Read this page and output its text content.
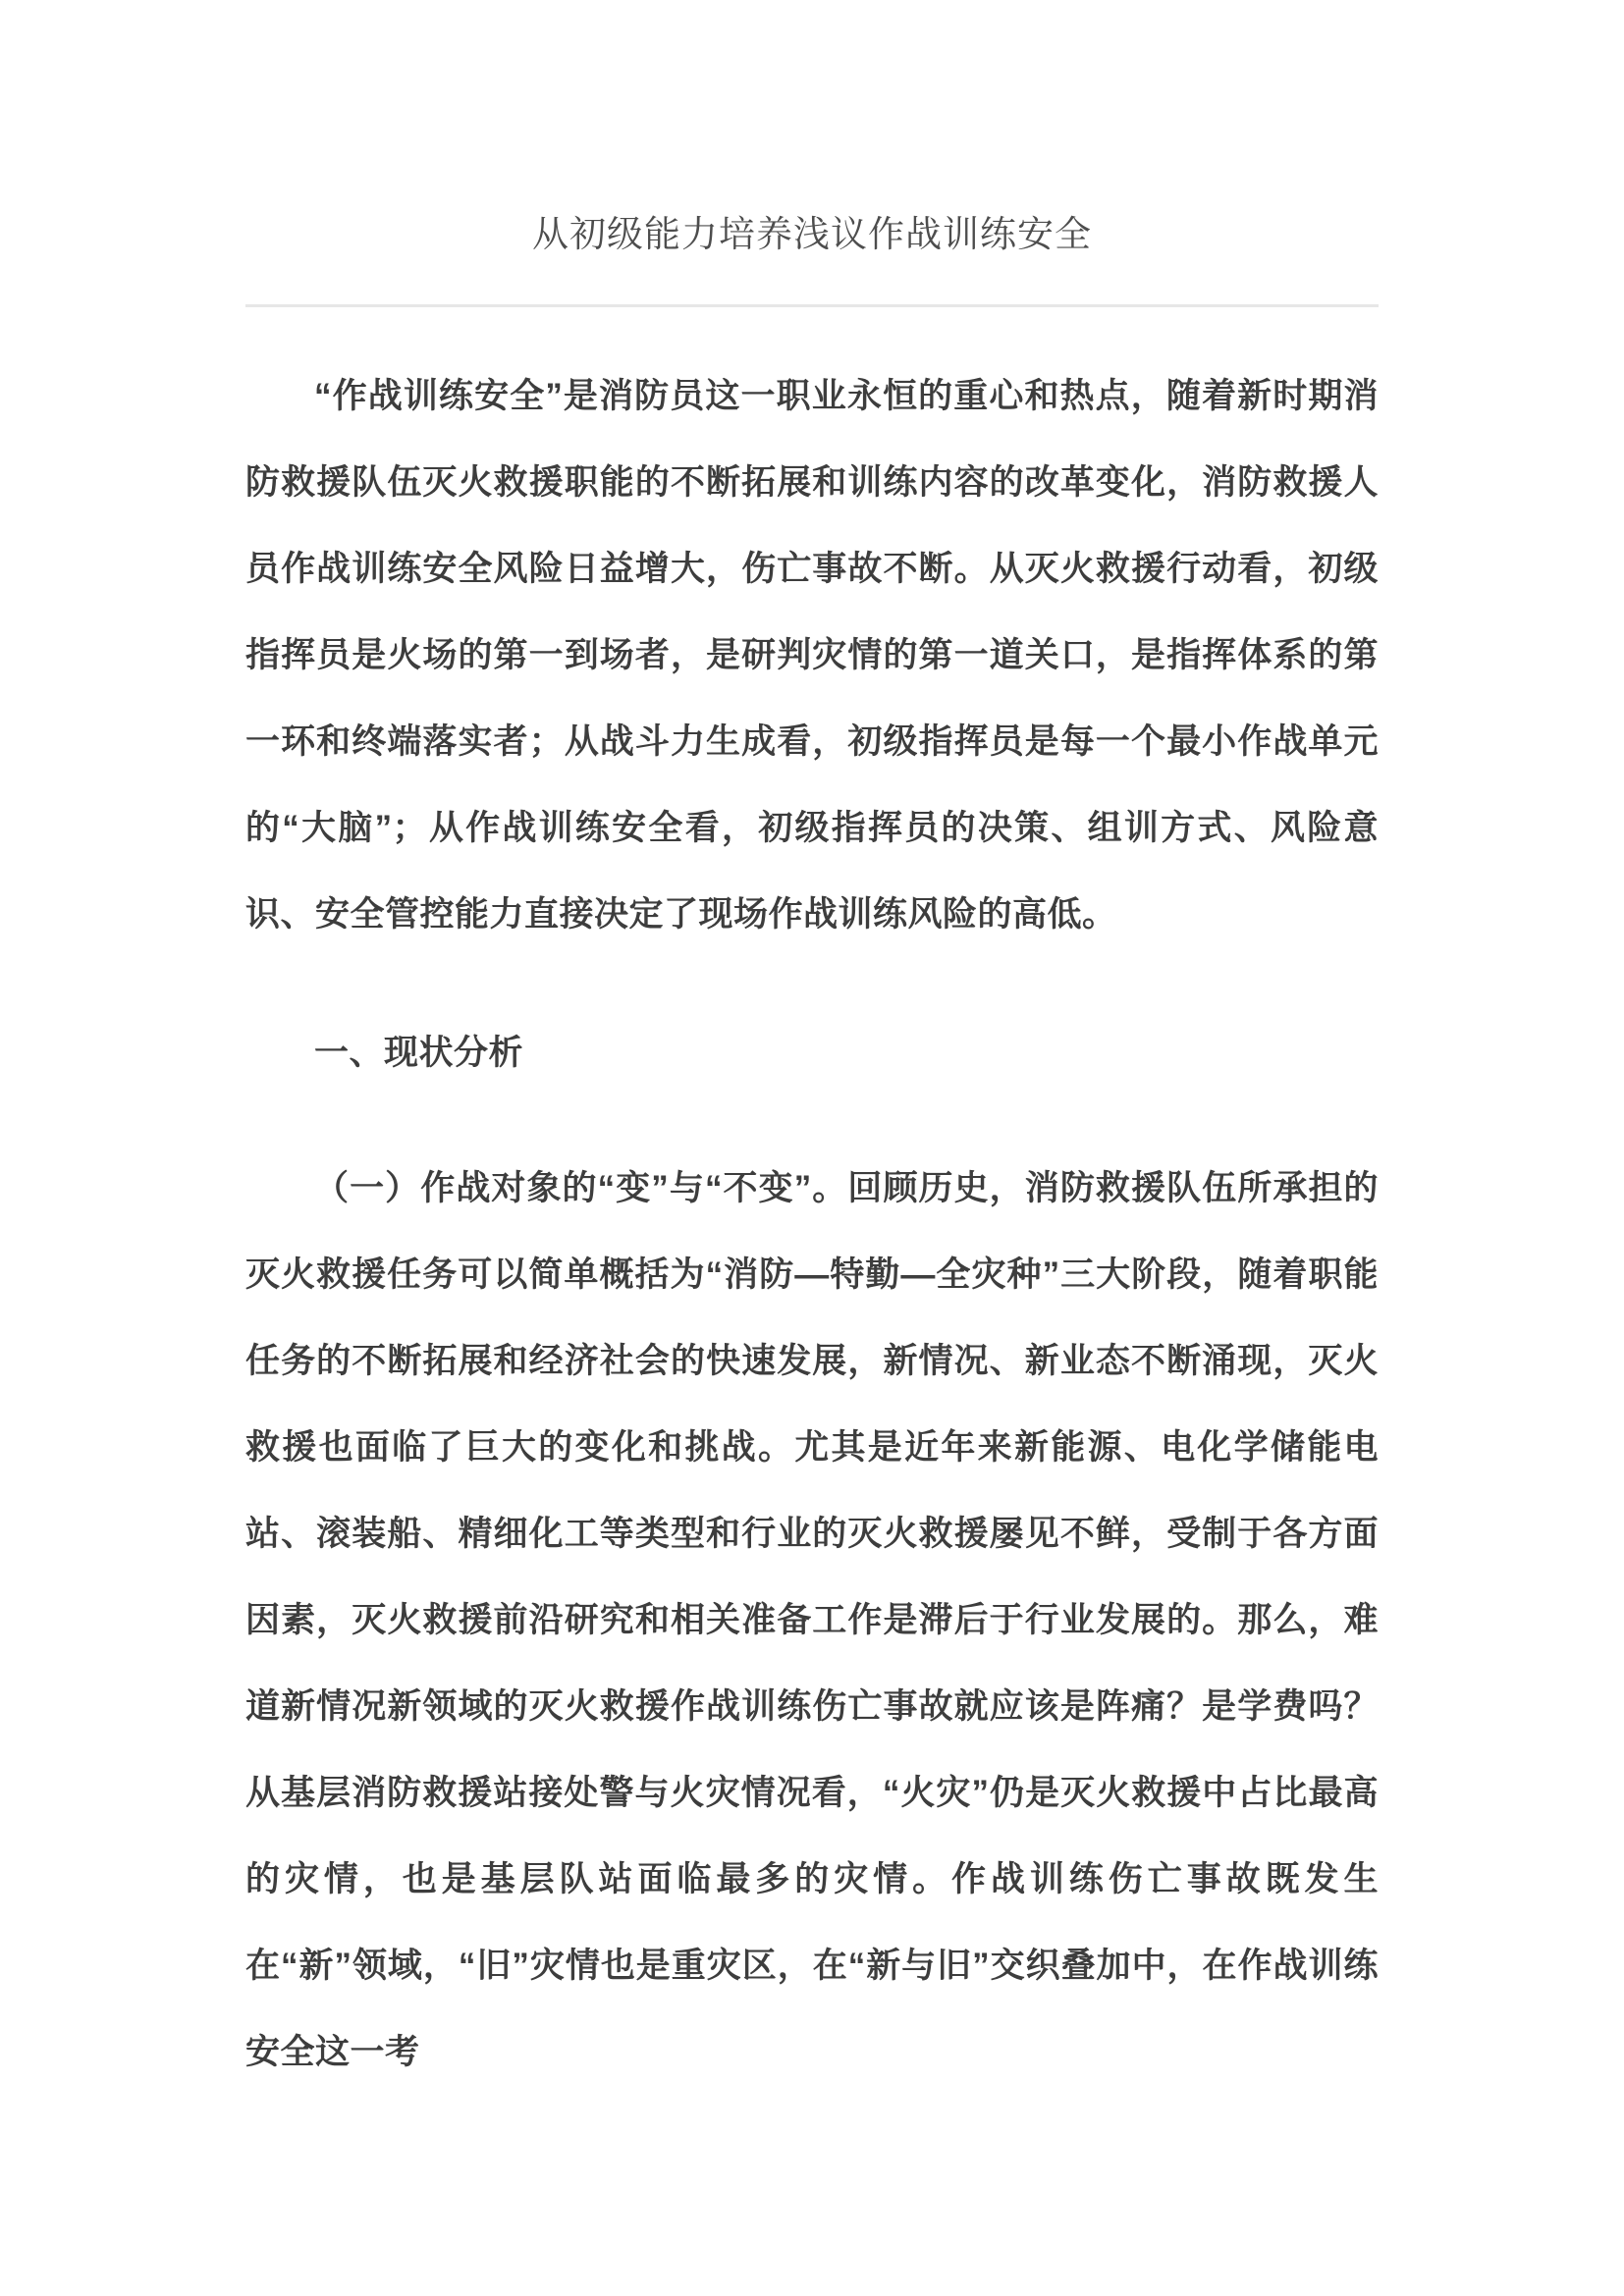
从初级能力培养浅议作战训练安全

“作战训练安全”是消防员这一职业永恒的重心和热点，随着新时期消防救援队伍灭火救援职能的不断拓展和训练内容的改革变化，消防救援人员作战训练安全风险日益增大，伤亡事故不断。从灭火救援行动看，初级指挥员是火场的第一到场者，是研判灾情的第一道关口，是指挥体系的第一环和终端落实者；从战斗力生成看，初级指挥员是每一个最小作战单元的“大脑”；从作战训练安全看，初级指挥员的决策、组训方式、风险意识、安全管控能力直接决定了现场作战训练风险的高低。

一、现状分析

（一）作战对象的“变”与“不变”。回顾历史，消防救援队伍所承担的灭火救援任务可以简单概括为“消防—特勤—全灾种”三大阶段，随着职能任务的不断拓展和经济社会的快速发展，新情况、新业态不断涌现，灭火救援也面临了巨大的变化和挑战。尤其是近年来新能源、电化学储能电站、滚装船、精细化工等类型和行业的灭火救援屡见不鲜，受制于各方面因素，灭火救援前沿研究和相关准备工作是滞后于行业发展的。那么，难道新情况新领域的灭火救援作战训练伤亡事故就应该是阵痛？是学费吗？从基层消防救援站接处警与火灾情况看，“火灾”仍是灭火救援中占比最高的灾情，也是基层队站面临最多的灾情。作战训练伤亡事故既发生在“新”领域，“旧”灾情也是重灾区，在“新与旧”交织叠加中，在作战训练安全这一考
